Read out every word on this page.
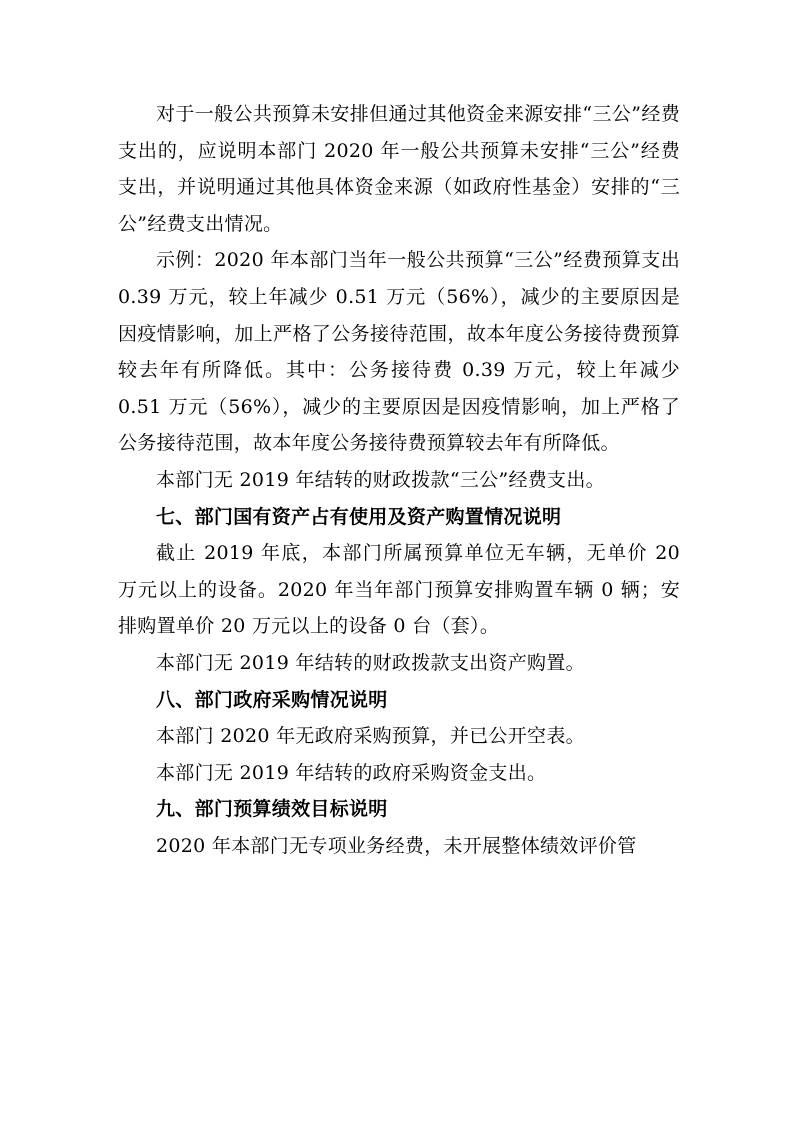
对于一般公共预算未安排但通过其他资金来源安排“三公”经费支出的，应说明本部门 2020 年一般公共预算未安排“三公”经费支出，并说明通过其他具体资金来源（如政府性基金）安排的“三公”经费支出情况。

示例：2020 年本部门当年一般公共预算“三公”经费预算支出 0.39 万元，较上年减少 0.51 万元（56%），减少的主要原因是因疫情影响，加上严格了公务接待范围，故本年度公务接待费预算较去年有所降低。其中：公务接待费 0.39 万元，较上年减少 0.51 万元（56%），减少的主要原因是因疫情影响，加上严格了公务接待范围，故本年度公务接待费预算较去年有所降低。

本部门无 2019 年结转的财政拨款“三公”经费支出。

七、部门国有资产占有使用及资产购置情况说明

截止 2019 年底，本部门所属预算单位无车辆，无单价 20 万元以上的设备。2020 年当年部门预算安排购置车辆 0 辆；安排购置单价 20 万元以上的设备 0 台（套）。

本部门无 2019 年结转的财政拨款支出资产购置。

八、部门政府采购情况说明

本部门 2020 年无政府采购预算，并已公开空表。

本部门无 2019 年结转的政府采购资金支出。

九、部门预算绩效目标说明

2020 年本部门无专项业务经费，未开展整体绩效评价管
